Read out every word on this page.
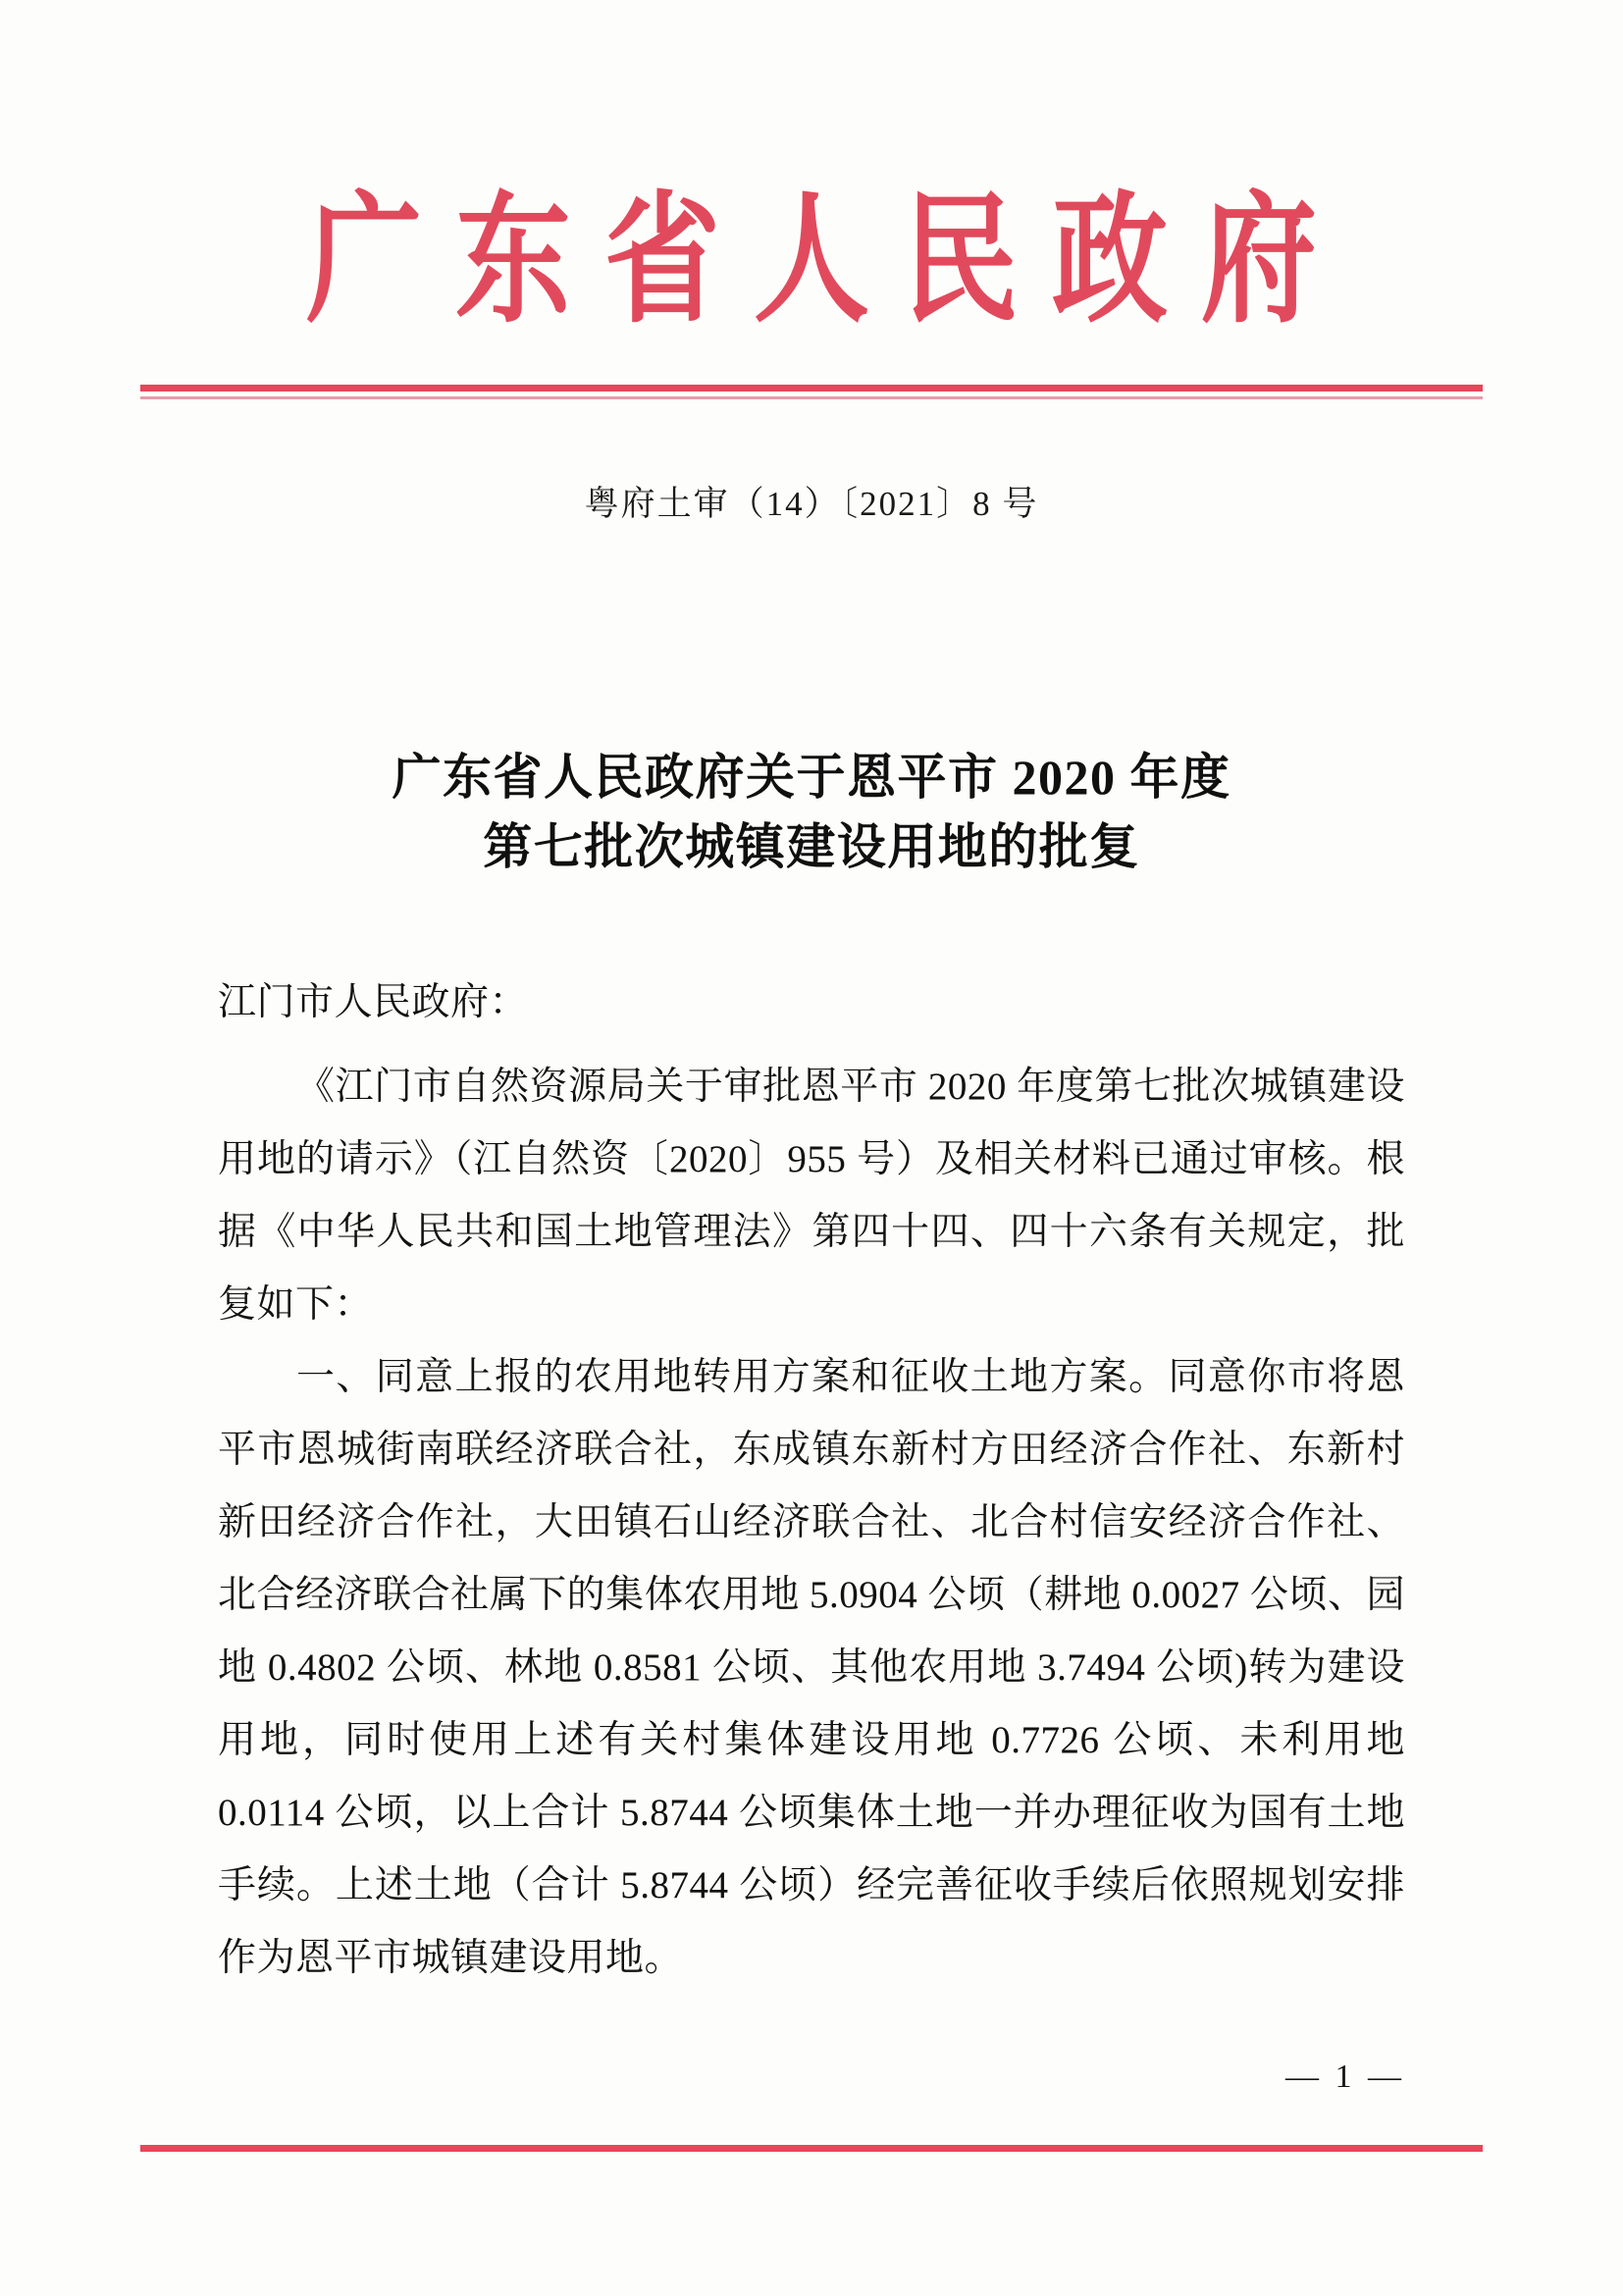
广东省人民政府
粤府土审（14）〔2021〕8 号
广东省人民政府关于恩平市 2020 年度
第七批次城镇建设用地的批复

江门市人民政府：

《江门市自然资源局关于审批恩平市 2020 年度第七批次城镇建设用地的请示》（江自然资〔2020〕955 号）及相关材料已通过审核。根据《中华人民共和国土地管理法》第四十四、四十六条有关规定，批复如下：

一、同意上报的农用地转用方案和征收土地方案。同意你市将恩平市恩城街南联经济联合社，东成镇东新村方田经济合作社、东新村新田经济合作社，大田镇石山经济联合社、北合村信安经济合作社、北合经济联合社属下的集体农用地 5.0904 公顷（耕地 0.0027 公顷、园地 0.4802 公顷、林地 0.8581 公顷、其他农用地 3.7494 公顷)转为建设用地，同时使用上述有关村集体建设用地 0.7726 公顷、未利用地 0.0114 公顷，以上合计 5.8744 公顷集体土地一并办理征收为国有土地手续。上述土地（合计 5.8744 公顷）经完善征收手续后依照规划安排作为恩平市城镇建设用地。

— 1 —
